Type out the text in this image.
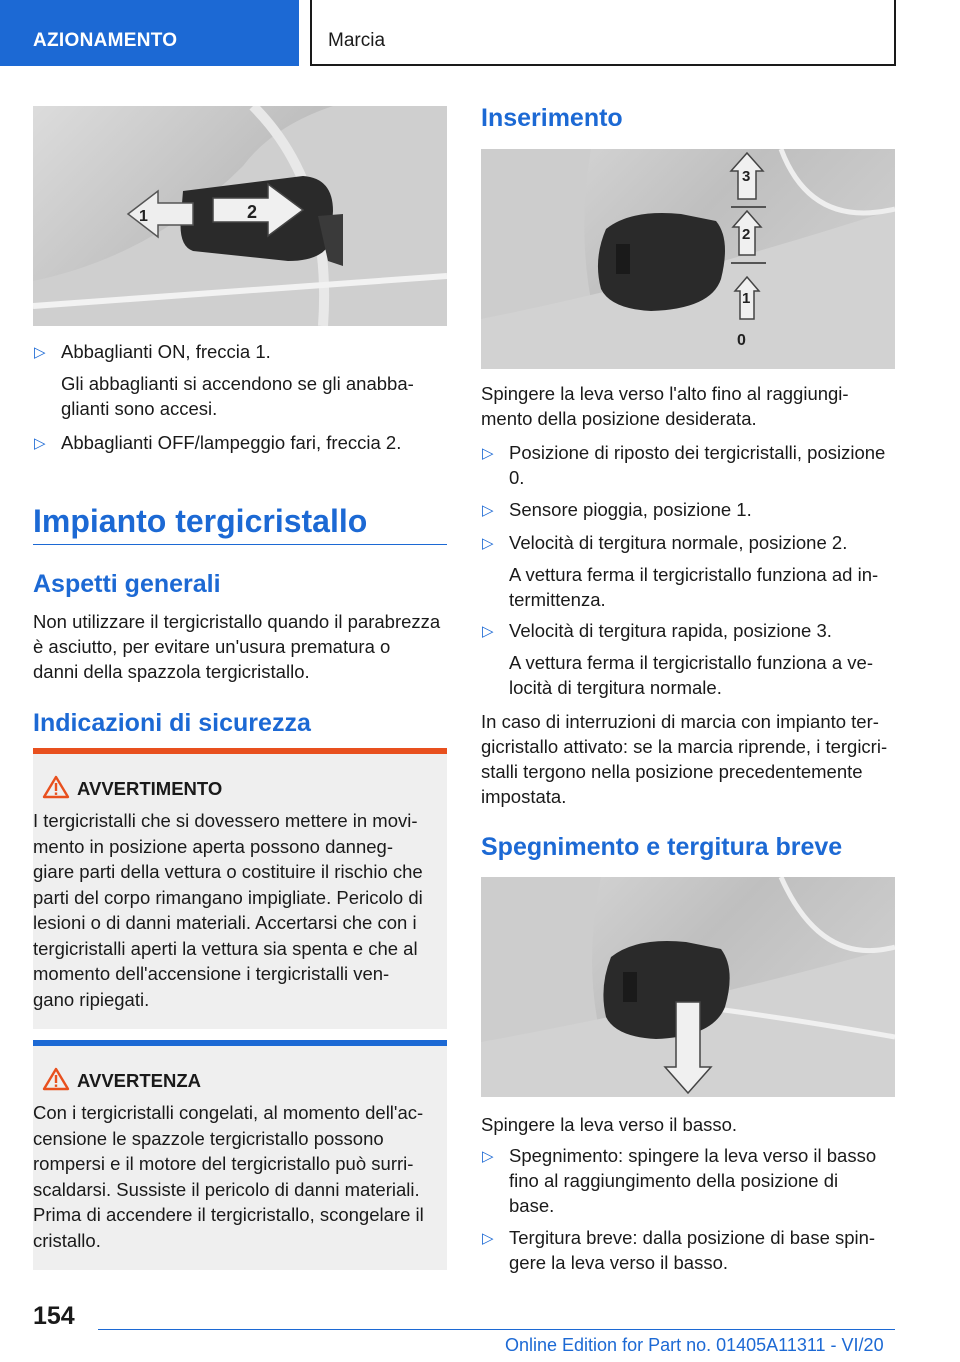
AZIONAMENTO	Marcia
1	2
▷ Abbaglianti ON, freccia 1.
Gli abbaglianti si accendono se gli anabba-
glianti sono accesi.
▷ Abbaglianti OFF/lampeggio fari, freccia 2.
Impianto tergicristallo
Aspetti generali
Non utilizzare il tergicristallo quando il parabrezza
è asciutto, per evitare un'usura prematura o
danni della spazzola tergicristallo.
Indicazioni di sicurezza
AVVERTIMENTO
I tergicristalli che si dovessero mettere in movi-
mento in posizione aperta possono danneg-
giare parti della vettura o costituire il rischio che
parti del corpo rimangano impigliate. Pericolo di
lesioni o di danni materiali. Accertarsi che con i
tergicristalli aperti la vettura sia spenta e che al
momento dell'accensione i tergicristalli ven-
gano ripiegati.
AVVERTENZA
Con i tergicristalli congelati, al momento dell'ac-
censione le spazzole tergicristallo possono
rompersi e il motore del tergicristallo può surri-
scaldarsi. Sussiste il pericolo di danni materiali.
Prima di accendere il tergicristallo, scongelare il
cristallo.
Inserimento
3
2
1
0
Spingere la leva verso l'alto fino al raggiungi-
mento della posizione desiderata.
▷ Posizione di riposto dei tergicristalli, posizione
0.
▷ Sensore pioggia, posizione 1.
▷ Velocità di tergitura normale, posizione 2.
A vettura ferma il tergicristallo funziona ad in-
termittenza.
▷ Velocità di tergitura rapida, posizione 3.
A vettura ferma il tergicristallo funziona a ve-
locità di tergitura normale.
In caso di interruzioni di marcia con impianto ter-
gicristallo attivato: se la marcia riprende, i tergicri-
stalli tergono nella posizione precedentemente
impostata.
Spegnimento e tergitura breve
Spingere la leva verso il basso.
▷ Spegnimento: spingere la leva verso il basso
fino al raggiungimento della posizione di
base.
▷ Tergitura breve: dalla posizione di base spin-
gere la leva verso il basso.
154
Online Edition for Part no. 01405A11311 - VI/20
